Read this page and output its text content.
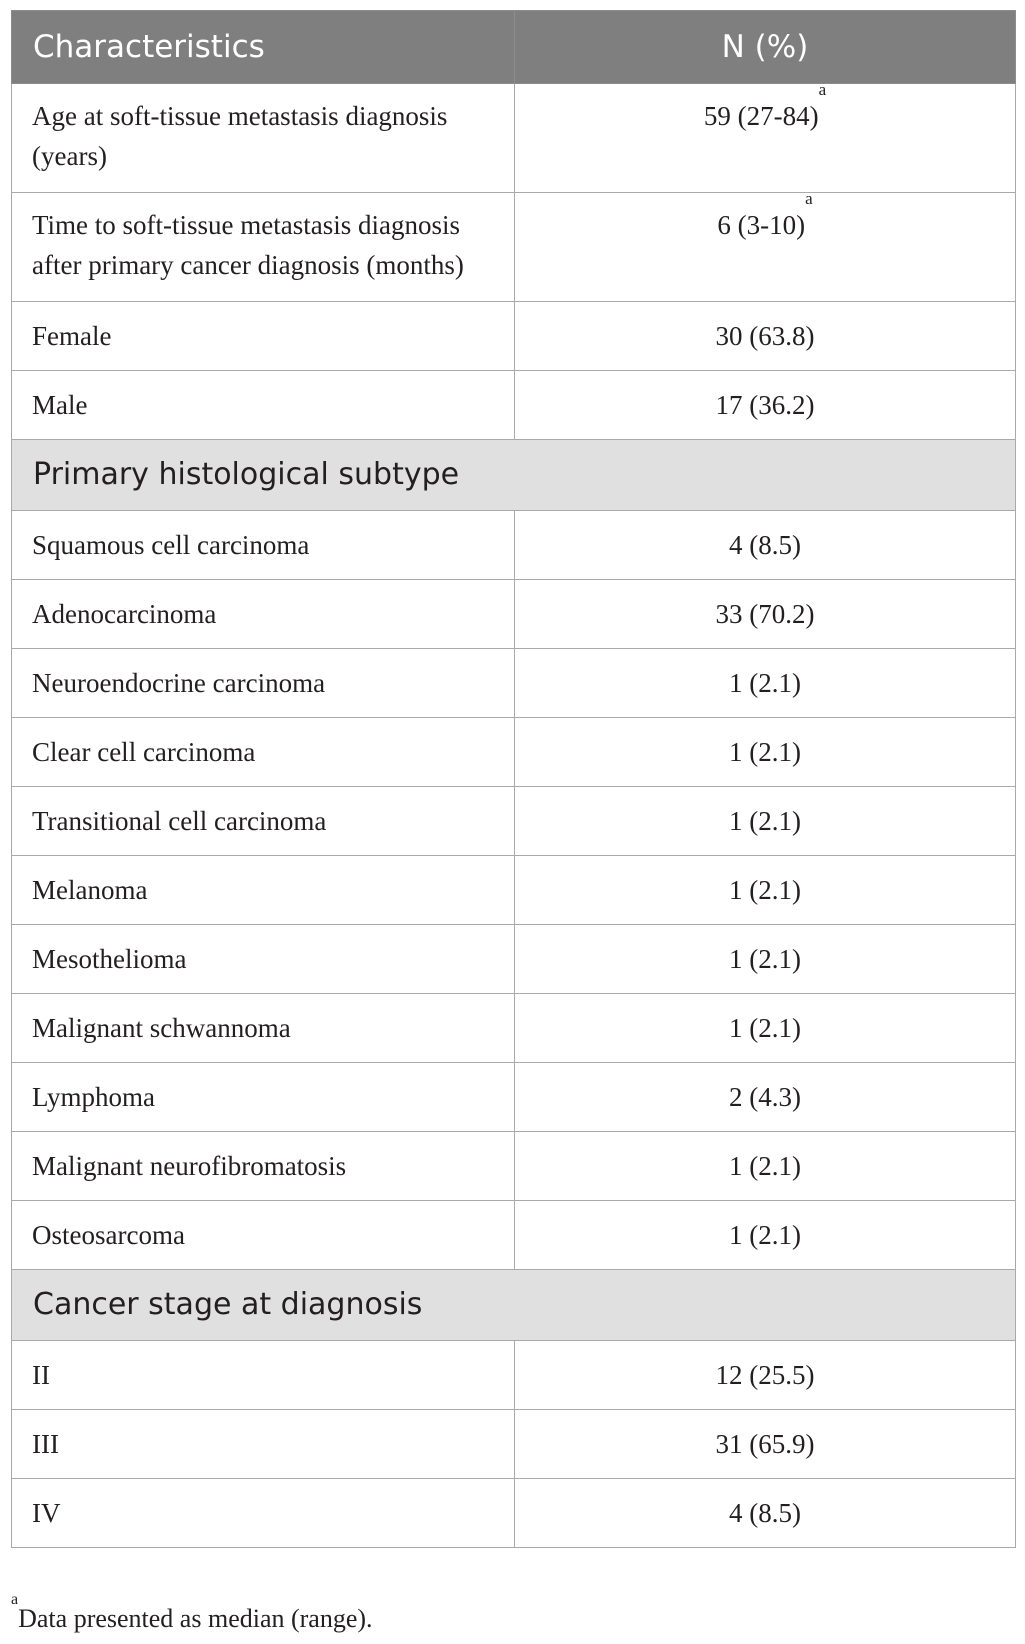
Characteristics	N (%)
Age at soft-tissue metastasis diagnosis (years)	59 $(27-84)^a$
Time to soft-tissue metastasis diagnosis after primary cancer diagnosis (months)	6 $(3-10)^a$
Female	30 (63.8)
Male	17 (36.2)
Primary histological subtype	
Squamous cell carcinoma	4 (8.5)
Adenocarcinoma	33 (70.2)
Neuroendocrine carcinoma	1 (2.1)
Clear cell carcinoma	1 (2.1)
Transitional cell carcinoma	1 (2.1)
Melanoma	1 (2.1)
Mesothelioma	1 (2.1)
Malignant schwannoma	1 (2.1)
Lymphoma	2 (4.3)
Malignant neurofibromatosis	1 (2.1)
Osteosarcoma	1 (2.1)
Cancer stage at diagnosis	
II	12 (25.5)
III	31 (65.9)
IV	4 (8.5)
$^a$Data presented as median (range).
